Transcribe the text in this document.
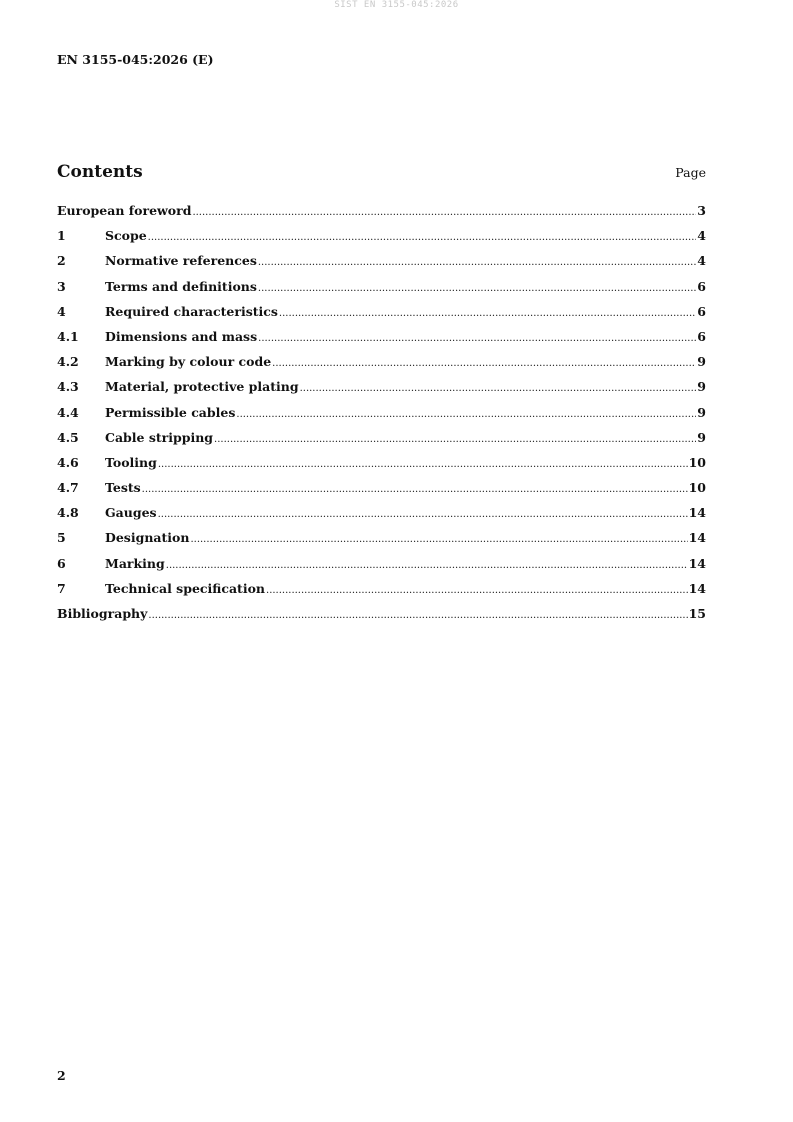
SIST EN 3155-045:2026
EN 3155-045:2026 (E)
Contents	Page
European foreword .....	3
1	Scope .....	4
2	Normative references .....	4
3	Terms and definitions .....	6
4	Required characteristics .....	6
4.1	Dimensions and mass .....	6
4.2	Marking by colour code .....	9
4.3	Material, protective plating .....	9
4.4	Permissible cables .....	9
4.5	Cable stripping .....	9
4.6	Tooling .....	10
4.7	Tests .....	10
4.8	Gauges .....	14
5	Designation .....	14
6	Marking .....	14
7	Technical specification .....	14
Bibliography .....	15
2
